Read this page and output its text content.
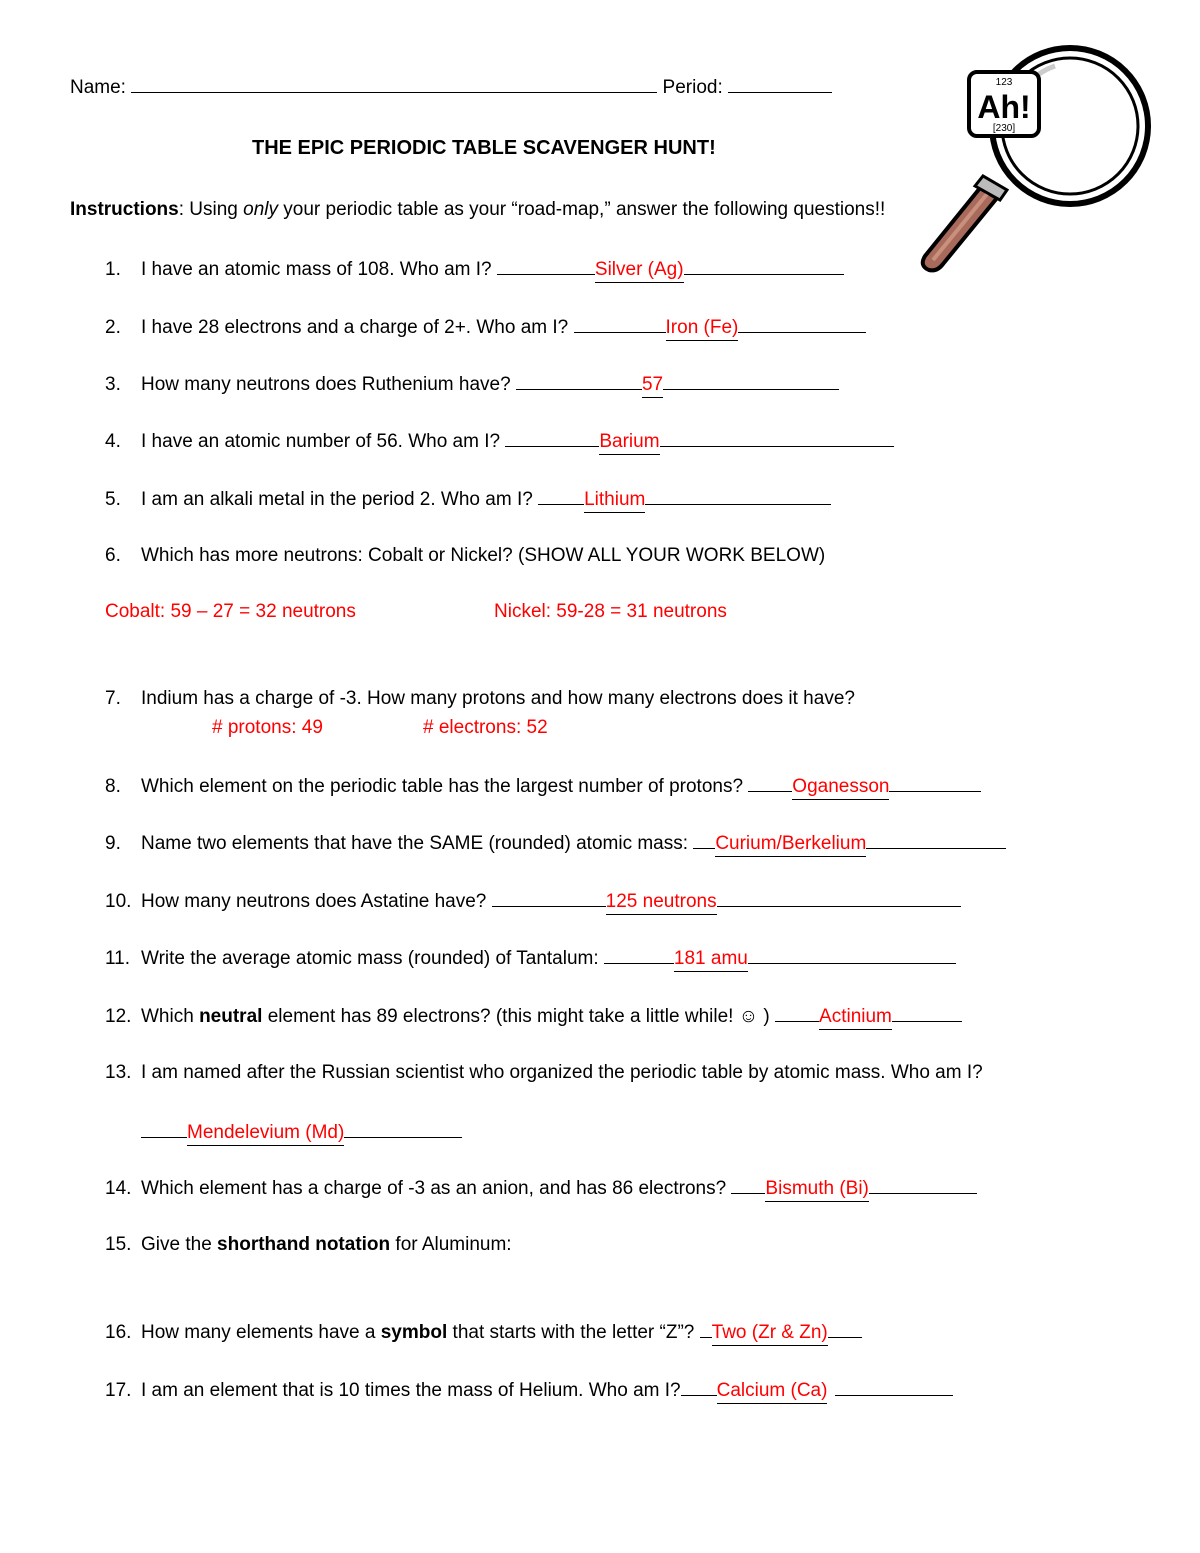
Name:	Period:
THE EPIC PERIODIC TABLE SCAVENGER HUNT!
Instructions: Using only your periodic table as your “road-map,” answer the following questions!!
1. I have an atomic mass of 108. Who am I?	Silver (Ag)
2. I have 28 electrons and a charge of 2+. Who am I?	Iron (Fe)
3. How many neutrons does Ruthenium have?	57
4. I have an atomic number of 56. Who am I?	Barium
5. I am an alkali metal in the period 2. Who am I? Lithium
6. Which has more neutrons: Cobalt or Nickel? (SHOW ALL YOUR WORK BELOW)
Cobalt: 59 – 27 = 32 neutrons	Nickel: 59-28 = 31 neutrons
7. Indium has a charge of -3. How many protons and how many electrons does it have?
# protons: 49	# electrons: 52
8. Which element on the periodic table has the largest number of protons? Oganesson
9. Name two elements that have the SAME (rounded) atomic mass: Curium/Berkelium
10. How many neutrons does Astatine have?	125 neutrons
11. Write the average atomic mass (rounded) of Tantalum:	181 amu
12. Which neutral element has 89 electrons? (this might take a little while! ☺ ) Actinium
13. I am named after the Russian scientist who organized the periodic table by atomic mass. Who am I?
Mendelevium (Md)
14. Which element has a charge of -3 as an anion, and has 86 electrons? Bismuth (Bi)
15. Give the shorthand notation for Aluminum:
16. How many elements have a symbol that starts with the letter “Z”? Two (Zr & Zn)
17. I am an element that is 10 times the mass of Helium. Who am I? Calcium (Ca)
123
Ah!
[230]
